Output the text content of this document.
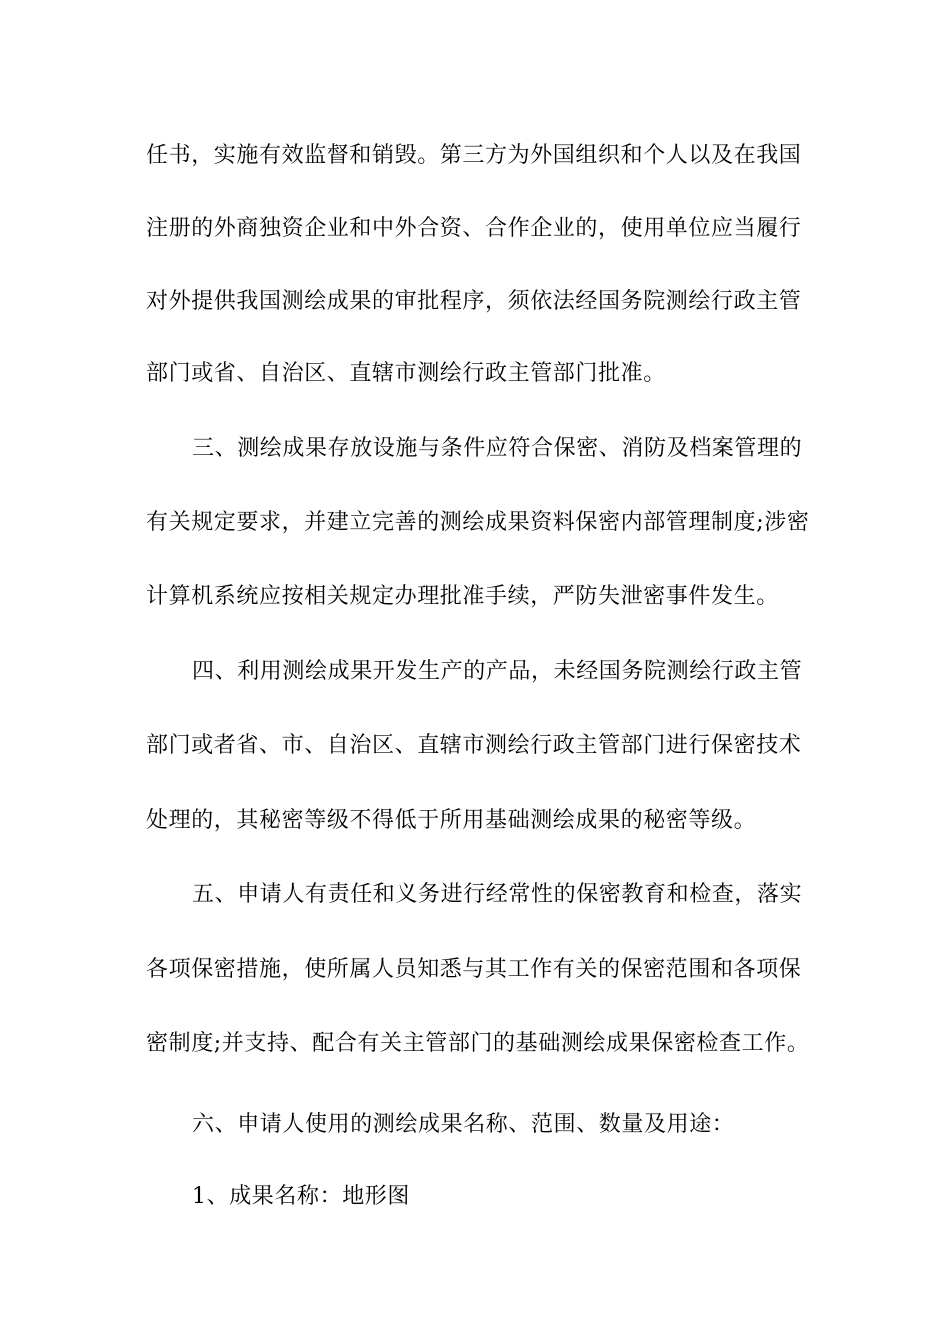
任书，实施有效监督和销毁。第三方为外国组织和个人以及在我国
注册的外商独资企业和中外合资、合作企业的，使用单位应当履行
对外提供我国测绘成果的审批程序，须依法经国务院测绘行政主管
部门或省、自治区、直辖市测绘行政主管部门批准。
三、测绘成果存放设施与条件应符合保密、消防及档案管理的
有关规定要求，并建立完善的测绘成果资料保密内部管理制度;涉密
计算机系统应按相关规定办理批准手续，严防失泄密事件发生。
四、利用测绘成果开发生产的产品，未经国务院测绘行政主管
部门或者省、市、自治区、直辖市测绘行政主管部门进行保密技术
处理的，其秘密等级不得低于所用基础测绘成果的秘密等级。
五、申请人有责任和义务进行经常性的保密教育和检查，落实
各项保密措施，使所属人员知悉与其工作有关的保密范围和各项保
密制度;并支持、配合有关主管部门的基础测绘成果保密检查工作。
六、申请人使用的测绘成果名称、范围、数量及用途：
1、成果名称：地形图
